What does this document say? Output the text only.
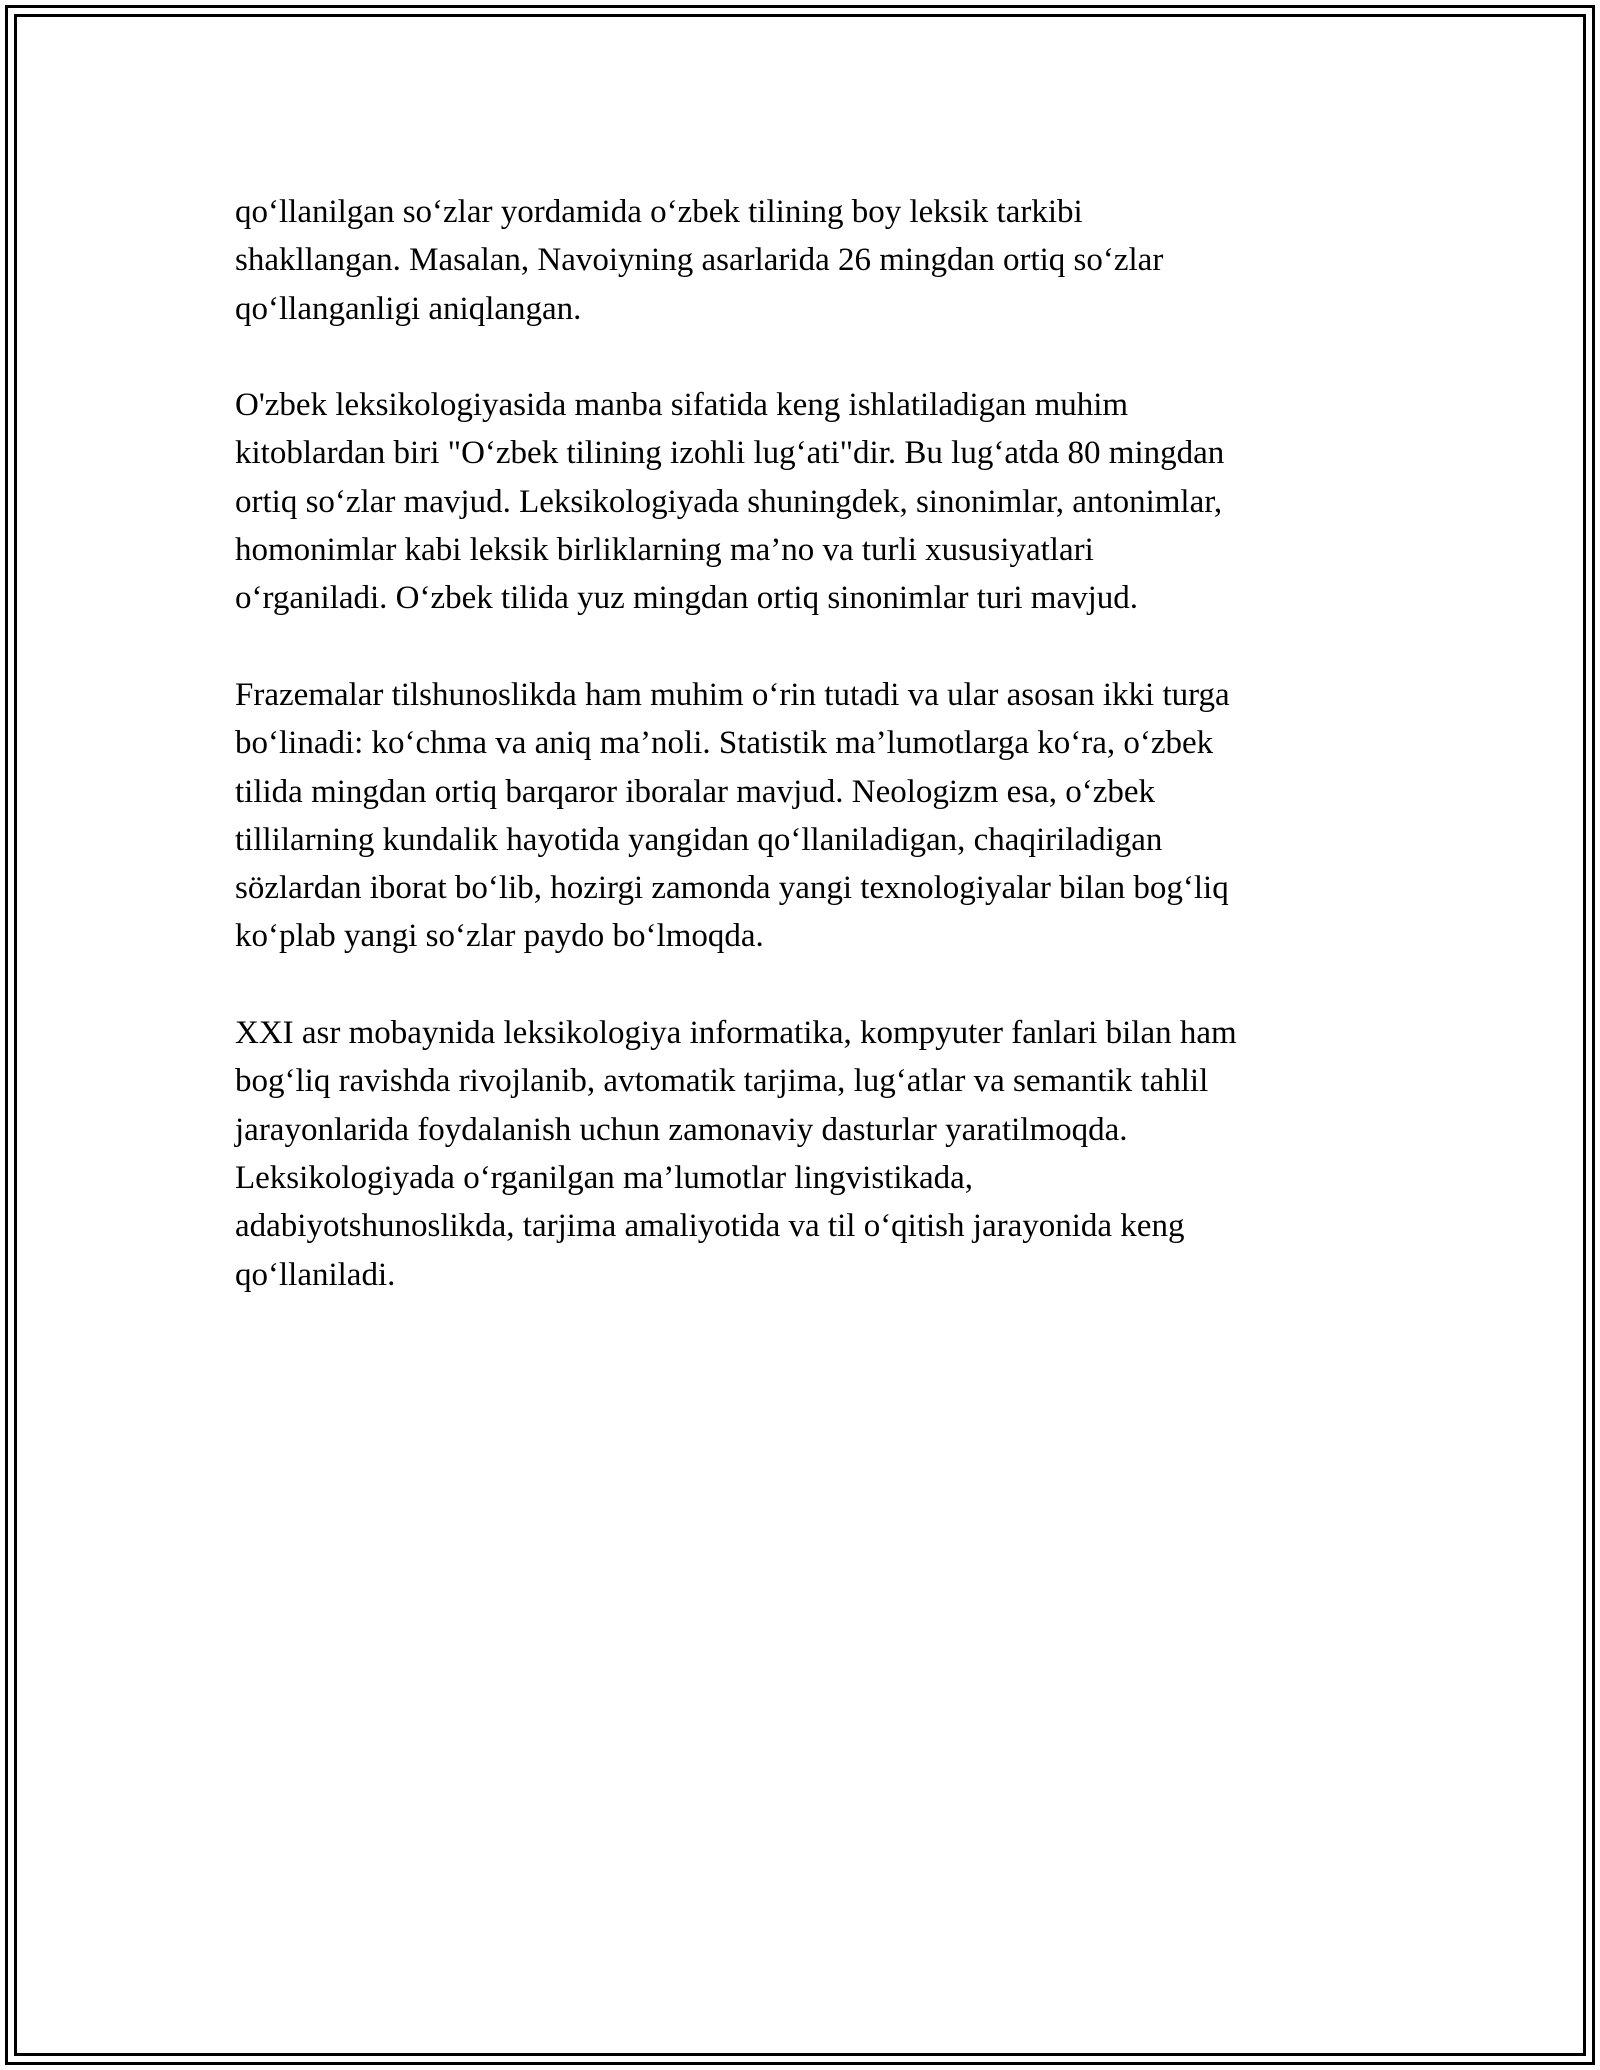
qo‘llanilgan so‘zlar yordamida o‘zbek tilining boy leksik tarkibi
shakllangan. Masalan, Navoiyning asarlarida 26 mingdan ortiq so‘zlar
qo‘llanganligi aniqlangan.

O'zbek leksikologiyasida manba sifatida keng ishlatiladigan muhim
kitoblardan biri "O‘zbek tilining izohli lug‘ati"dir. Bu lug‘atda 80 mingdan
ortiq so‘zlar mavjud. Leksikologiyada shuningdek, sinonimlar, antonimlar,
homonimlar kabi leksik birliklarning ma’no va turli xususiyatlari
o‘rganiladi. O‘zbek tilida yuz mingdan ortiq sinonimlar turi mavjud.

Frazemalar tilshunoslikda ham muhim o‘rin tutadi va ular asosan ikki turga
bo‘linadi: ko‘chma va aniq ma’noli. Statistik ma’lumotlarga ko‘ra, o‘zbek
tilida mingdan ortiq barqaror iboralar mavjud. Neologizm esa, o‘zbek
tillilarning kundalik hayotida yangidan qo‘llaniladigan, chaqiriladigan
sözlardan iborat bo‘lib, hozirgi zamonda yangi texnologiyalar bilan bog‘liq
ko‘plab yangi so‘zlar paydo bo‘lmoqda.

XXI asr mobaynida leksikologiya informatika, kompyuter fanlari bilan ham
bog‘liq ravishda rivojlanib, avtomatik tarjima, lug‘atlar va semantik tahlil
jarayonlarida foydalanish uchun zamonaviy dasturlar yaratilmoqda.
Leksikologiyada o‘rganilgan ma’lumotlar lingvistikada,
adabiyotshunoslikda, tarjima amaliyotida va til o‘qitish jarayonida keng
qo‘llaniladi.
